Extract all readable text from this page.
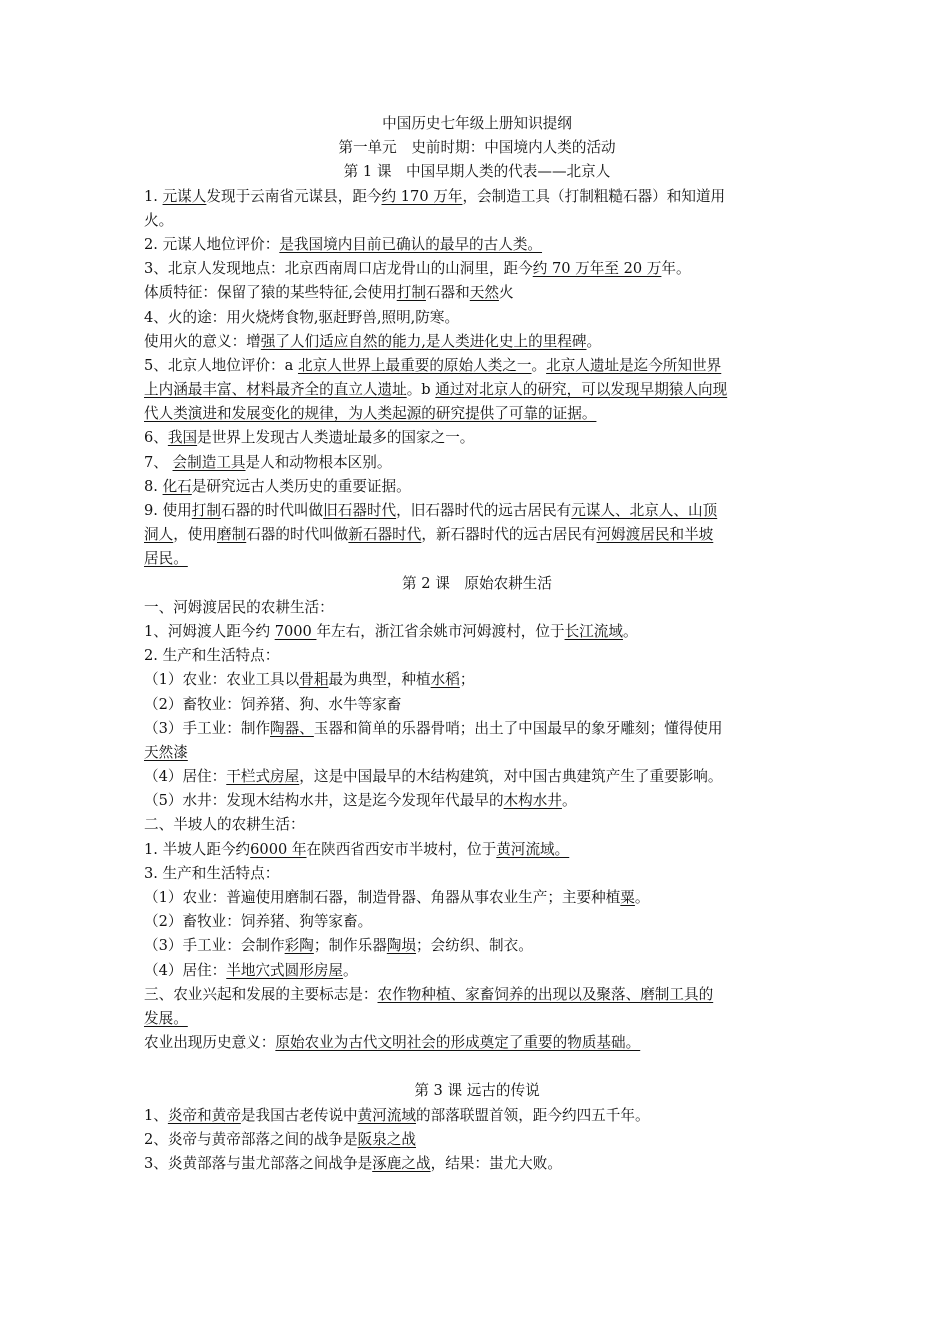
中国历史七年级上册知识提纲
第一单元　史前时期：中国境内人类的活动
第 1 课　中国早期人类的代表——北京人
1. 元谋人发现于云南省元谋县，距今约 170 万年，会制造工具（打制粗糙石器）和知道用
火。
2. 元谋人地位评价：是我国境内目前已确认的最早的古人类。
3、北京人发现地点：北京西南周口店龙骨山的山洞里，距今约 70 万年至 20 万年。
体质特征：保留了猿的某些特征,会使用打制石器和天然火
4、火的途：用火烧烤食物,驱赶野兽,照明,防寒。
使用火的意义：增强了人们适应自然的能力,是人类进化史上的里程碑。
5、北京人地位评价：a 北京人世界上最重要的原始人类之一。北京人遗址是迄今所知世界
上内涵最丰富、材料最齐全的直立人遗址。b 通过对北京人的研究，可以发现早期猿人向现
代人类演进和发展变化的规律，为人类起源的研究提供了可靠的证据。
6、我国是世界上发现古人类遗址最多的国家之一。
7、 会制造工具是人和动物根本区别。
8. 化石是研究远古人类历史的重要证据。
9. 使用打制石器的时代叫做旧石器时代，旧石器时代的远古居民有元谋人、北京人、山顶
洞人，使用磨制石器的时代叫做新石器时代，新石器时代的远古居民有河姆渡居民和半坡
居民。
第 2 课　原始农耕生活
一、河姆渡居民的农耕生活：
1、河姆渡人距今约 7000 年左右，浙江省余姚市河姆渡村，位于长江流域。
2. 生产和生活特点：
（1）农业：农业工具以骨耜最为典型，种植水稻；
（2）畜牧业：饲养猪、狗、水牛等家畜
（3）手工业：制作陶器、玉器和简单的乐器骨哨；出土了中国最早的象牙雕刻；懂得使用
天然漆
（4）居住：干栏式房屋，这是中国最早的木结构建筑，对中国古典建筑产生了重要影响。
（5）水井：发现木结构水井，这是迄今发现年代最早的木构水井。
二、半坡人的农耕生活：
1. 半坡人距今约6000 年在陕西省西安市半坡村，位于黄河流域。
3. 生产和生活特点：
（1）农业：普遍使用磨制石器，制造骨器、角器从事农业生产；主要种植粟。
（2）畜牧业：饲养猪、狗等家畜。
（3）手工业：会制作彩陶；制作乐器陶埙；会纺织、制衣。
（4）居住：半地穴式圆形房屋。
三、农业兴起和发展的主要标志是：农作物种植、家畜饲养的出现以及聚落、磨制工具的
发展。
农业出现历史意义：原始农业为古代文明社会的形成奠定了重要的物质基础。
第 3 课 远古的传说
1、炎帝和黄帝是我国古老传说中黄河流域的部落联盟首领，距今约四五千年。
2、炎帝与黄帝部落之间的战争是阪泉之战
3、炎黄部落与蚩尤部落之间战争是涿鹿之战，结果：蚩尤大败。
